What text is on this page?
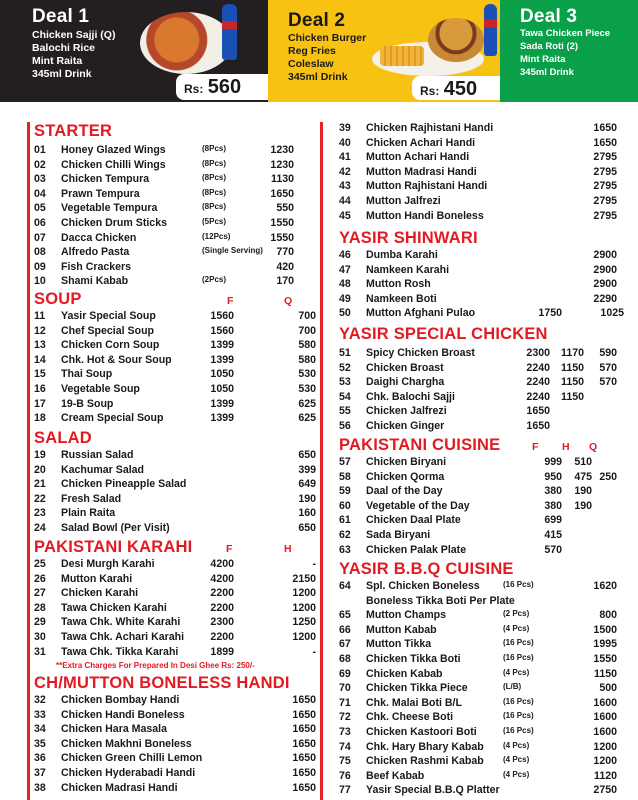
Deal 1
Chicken Sajji (Q)
Balochi Rice
Mint Raita
345ml Drink
Rs: 560
Deal 2
Chicken Burger
Reg Fries
Coleslaw
345ml Drink
Rs: 450
Deal 3
Tawa Chicken Piece
Sada Roti (2)
Mint Raita
345ml Drink
STARTER
01 Honey Glazed Wings	(8Pcs)	1230
02 Chicken Chilli Wings	(8Pcs)	1230
03 Chicken Tempura	(8Pcs)	1130
04 Prawn Tempura	(8Pcs)	1650
05 Vegetable Tempura	(8Pcs)	550
06 Chicken Drum Sticks	(5Pcs)	1550
07 Dacca Chicken	(12Pcs)	1550
08 Alfredo Pasta	(Single Serving) 770
09 Fish Crackers	420
10 Shami Kabab	(2Pcs)	170
SOUP	F	Q
11 Yasir Special Soup	1560	700
12 Chef Special Soup	1560	700
13 Chicken Corn Soup	1399	580
14 Chk. Hot & Sour Soup	1399	580
15 Thai Soup	1050	530
16 Vegetable Soup	1050	530
17 19-B Soup	1399	625
18 Cream Special Soup	1399	625
SALAD
19 Russian Salad	650
20 Kachumar Salad	399
21 Chicken Pineapple Salad	649
22 Fresh Salad	190
23 Plain Raita	160
24 Salad Bowl (Per Visit)	650
PAKISTANI KARAHI	F	H
25 Desi Murgh Karahi	4200	-
26 Mutton Karahi	4200	2150
27 Chicken Karahi	2200	1200
28 Tawa Chicken Karahi	2200	1200
29 Tawa Chk. White Karahi	2300	1250
30 Tawa Chk. Achari Karahi 2200	1200
31 Tawa Chk. Tikka Karahi	1899	-
**Extra Charges For Prepared In Desi Ghee Rs: 250/-
CH/MUTTON BONELESS HANDI
32 Chicken Bombay Handi	1650
33 Chicken Handi Boneless	1650
34 Chicken Hara Masala	1650
35 Chicken Makhni Boneless	1650
36 Chicken Green Chilli Lemon	1650
37 Chicken Hyderabadi Handi	1650
38 Chicken Madrasi Handi	1650
39 Chicken Rajhistani Handi	1650
40 Chicken Achari Handi	1650
41 Mutton Achari Handi	2795
42 Mutton Madrasi Handi	2795
43 Mutton Rajhistani Handi	2795
44 Mutton Jalfrezi	2795
45 Mutton Handi Boneless	2795
YASIR SHINWARI
46 Dumba Karahi	2900
47 Namkeen Karahi	2900
48 Mutton Rosh	2900
49 Namkeen Boti	2290
50 Mutton Afghani Pulao	1750	1025
YASIR SPECIAL CHICKEN
51 Spicy Chicken Broast	2300 1170 590
52 Chicken Broast	2240 1150 570
53 Daighi Chargha	2240 1150 570
54 Chk. Balochi Sajji	2240 1150
55 Chicken Jalfrezi	1650
56 Chicken Ginger	1650
PAKISTANI CUISINE	F H Q
57 Chicken Biryani	999 510
58 Chicken Qorma	950 475 250
59 Daal of the Day	380 190
60 Vegetable of the Day	380 190
61 Chicken Daal Plate	699
62 Sada Biryani	415
63 Chicken Palak Plate	570
YASIR B.B.Q CUISINE
64 Spl. Chicken Boneless	(16 Pcs)	1620
Boneless Tikka Boti Per Plate
65 Mutton Champs	(2 Pcs)	800
66 Mutton Kabab	(4 Pcs)	1500
67 Mutton Tikka	(16 Pcs)	1995
68 Chicken Tikka Boti	(16 Pcs)	1550
69 Chicken Kabab	(4 Pcs)	1150
70 Chicken Tikka Piece	(L/B)	500
71 Chk. Malai Boti B/L	(16 Pcs)	1600
72 Chk. Cheese Boti	(16 Pcs)	1600
73 Chicken Kastoori Boti	(16 Pcs)	1600
74 Chk. Hary Bhary Kabab (4 Pcs)	1200
75 Chicken Rashmi Kabab (4 Pcs)	1200
76 Beef Kabab	(4 Pcs)	1120
77 Yasir Special B.B.Q Platter	2750
